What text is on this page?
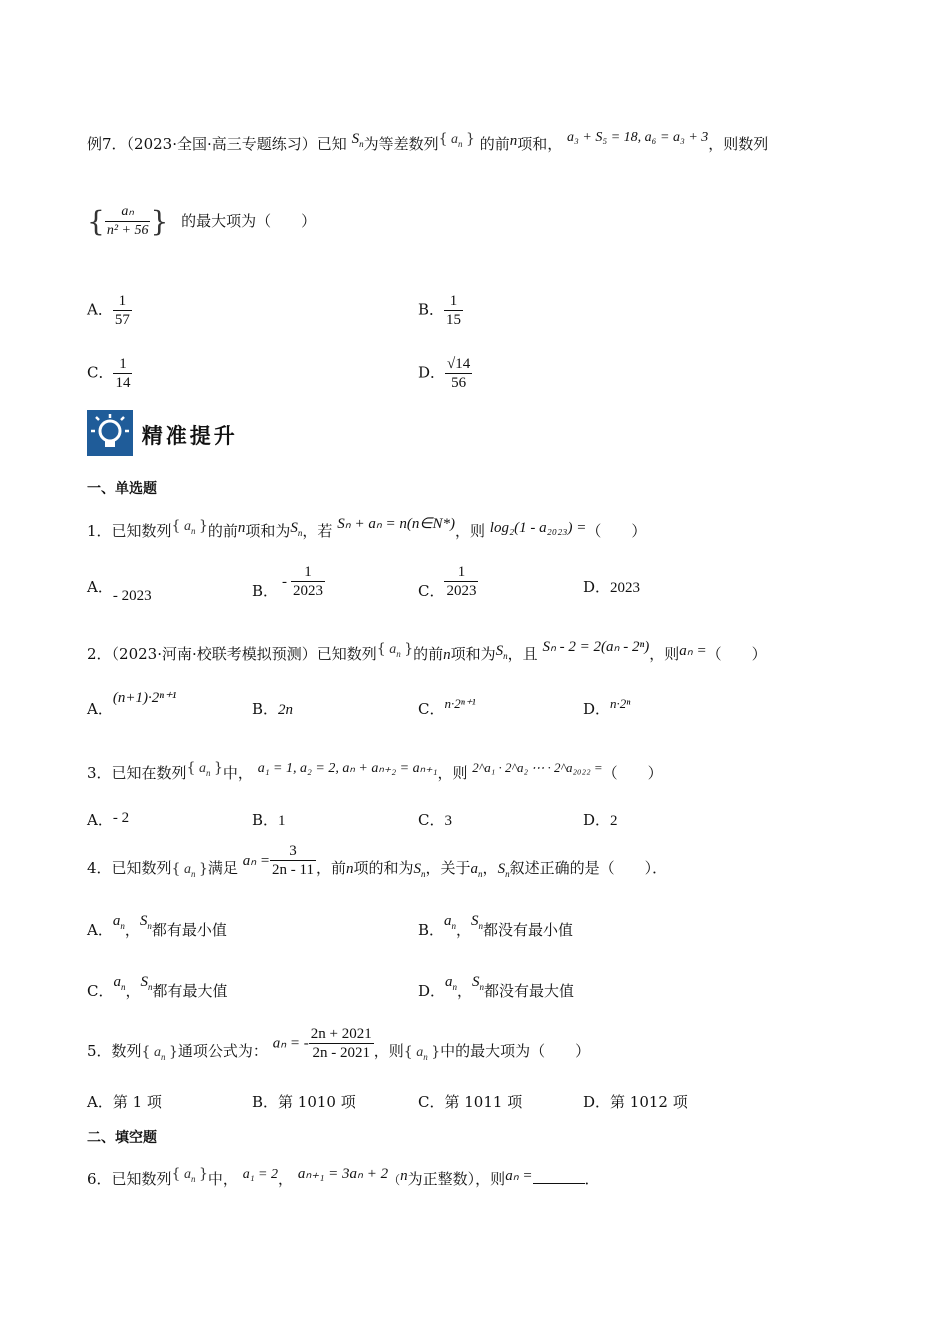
例7．（2023·全国·高三专题练习）已知 $S_n$为等差数列{ $a_n$ } 的前n项和， a₃ + S₅ = 18, a₆ = a₃ + 3，则数列
{ $\frac{\text{aₙ}}{\text{n² + 56}}$ } 的最大项为（　　）
A． $\frac{1}{57}$	B． $\frac{1}{15}$
C． $\frac{1}{14}$	D． $\frac{√14}{56}$
精准提升
一、单选题
1．已知数列{ $a_n$ }的前n项和为$S_n$，若 Sₙ + aₙ = n(n∈N*)，则 log₂(1 - a₂₀₂₃) =（　　）
A．- 2023	B． - $\frac{1}{2023}$	C． $\frac{1}{2023}$	D．2023
2．（2023·河南·校联考模拟预测）已知数列{ $a_n$ }的前n项和为$S_n$，且 Sₙ - 2 = 2(aₙ - 2ⁿ)，则aₙ =（　　）
A．(n+1)·2ⁿ⁺¹
B．2n	C．n·2ⁿ⁺¹	D．n·2ⁿ
3．已知在数列{ $a_n$ }中， a₁ = 1, a₂ = 2, aₙ + aₙ₊₂ = aₙ₊₁，则 2^a₁ · 2^a₂ ⋯ · 2^a₂₀₂₂ =（　　）
A．- 2	B．1	C．3	D．2
4．已知数列{ $a_n$ }满足 $a_n = \frac{3}{2n - 11}$ ，前n项的和为$S_n$，关于$a_n$，$S_n$叙述正确的是（　　）．
A．$a_n$，$S_n$都有最小值	B．$a_n$，$S_n$都没有最小值
C．$a_n$，$S_n$都有最大值	D．$a_n$，$S_n$都没有最大值
5．数列{ $a_n$ }通项公式为： aₙ = - $\frac{2n + 2021}{2n - 2021}$ ，则{ $a_n$ }中的最大项为（　　）
A．第 1 项	B．第 1010 项	C．第 1011 项	D．第 1012 项
二、填空题
6．已知数列{ $a_n$ }中， a₁ = 2， aₙ₊₁ = 3aₙ + 2（n为正整数），则aₙ =	．
